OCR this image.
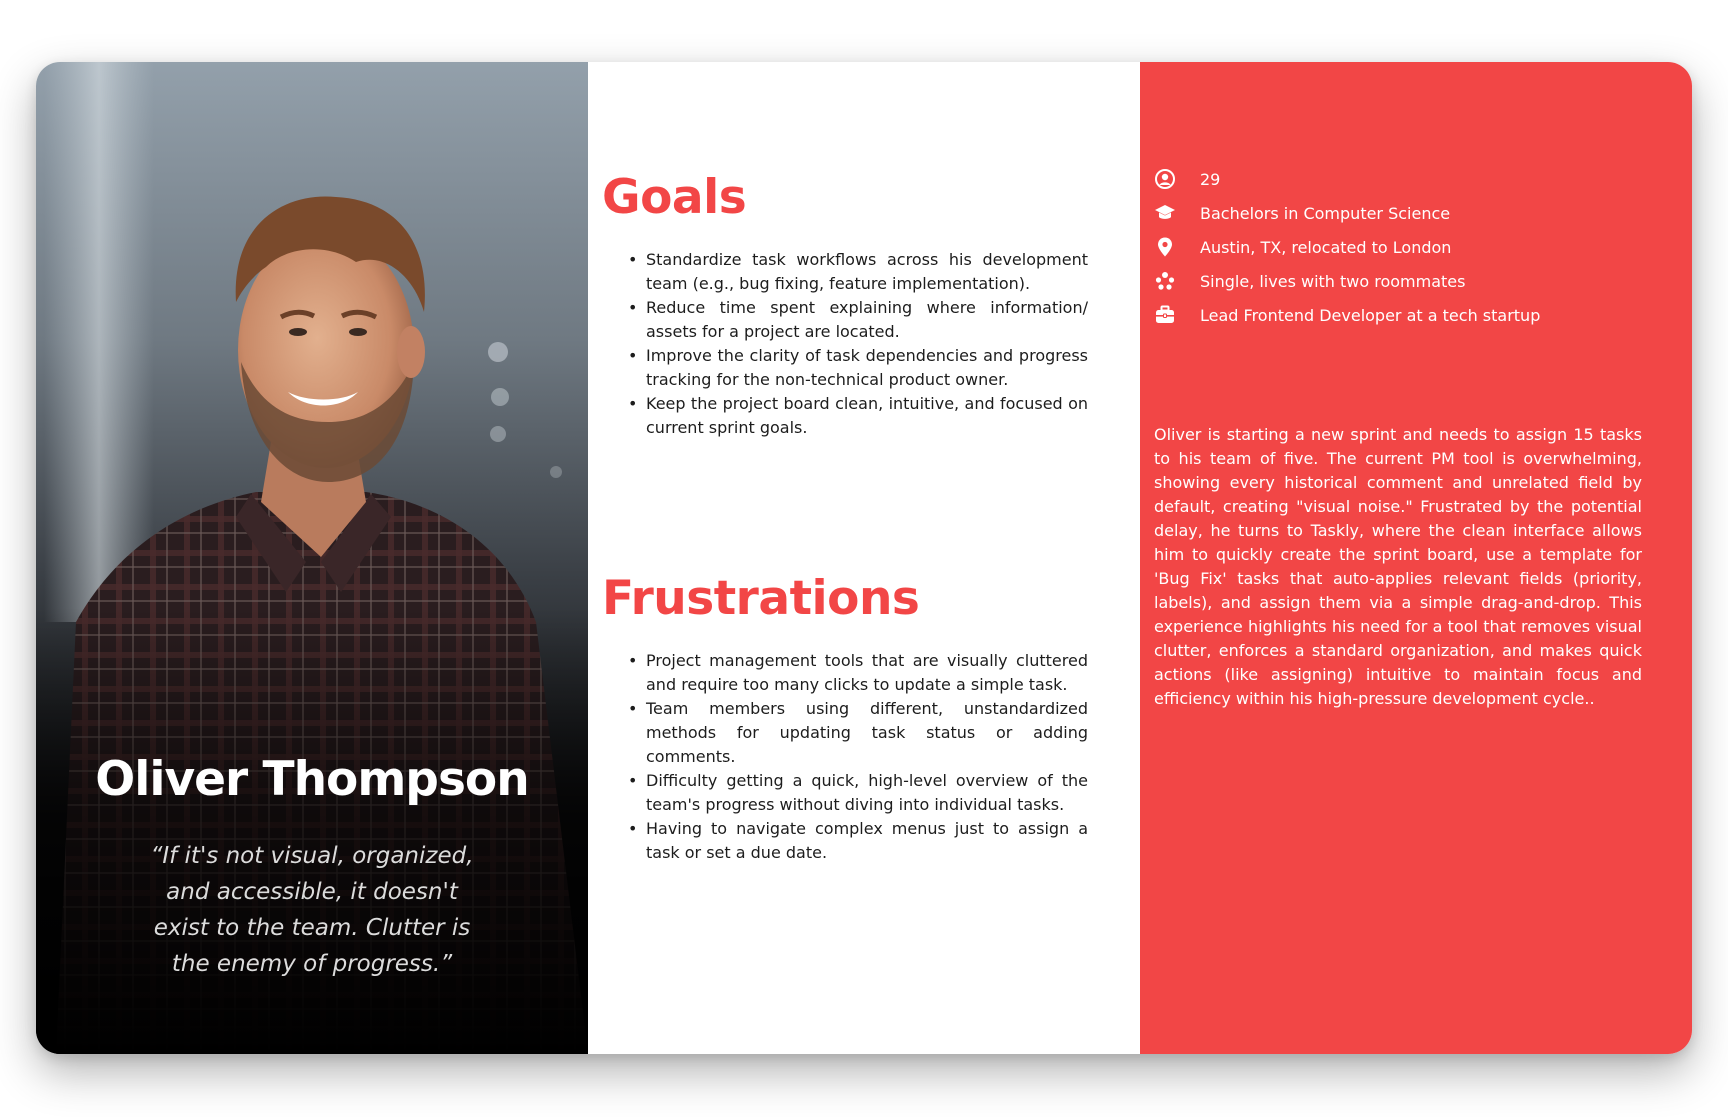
Oliver Thompson

“If it's not visual, organized, and accessible, it doesn't exist to the team. Clutter is the enemy of progress.”

Goals
• Standardize task workflows across his development team (e.g., bug fixing, feature implementation).
• Reduce time spent explaining where information/ assets for a project are located.
• Improve the clarity of task dependencies and progress tracking for the non-technical product owner.
• Keep the project board clean, intuitive, and focused on current sprint goals.
Frustrations
• Project management tools that are visually cluttered and require too many clicks to update a simple task.
• Team members using different, unstandardized methods for updating task status or adding comments.
• Difficulty getting a quick, high-level overview of the team's progress without diving into individual tasks.
• Having to navigate complex menus just to assign a task or set a due date.
29
Bachelors in Computer Science
Austin, TX, relocated to London
Single, lives with two roommates
Lead Frontend Developer at a tech startup

Oliver is starting a new sprint and needs to assign 15 tasks to his team of five. The current PM tool is overwhelming, showing every historical comment and unrelated field by default, creating "visual noise." Frustrated by the potential delay, he turns to Taskly, where the clean interface allows him to quickly create the sprint board, use a template for 'Bug Fix' tasks that auto-applies relevant fields (priority, labels), and assign them via a simple drag-and-drop. This experience highlights his need for a tool that removes visual clutter, enforces a standard organization, and makes quick actions (like assigning) intuitive to maintain focus and efficiency within his high-pressure development cycle..
